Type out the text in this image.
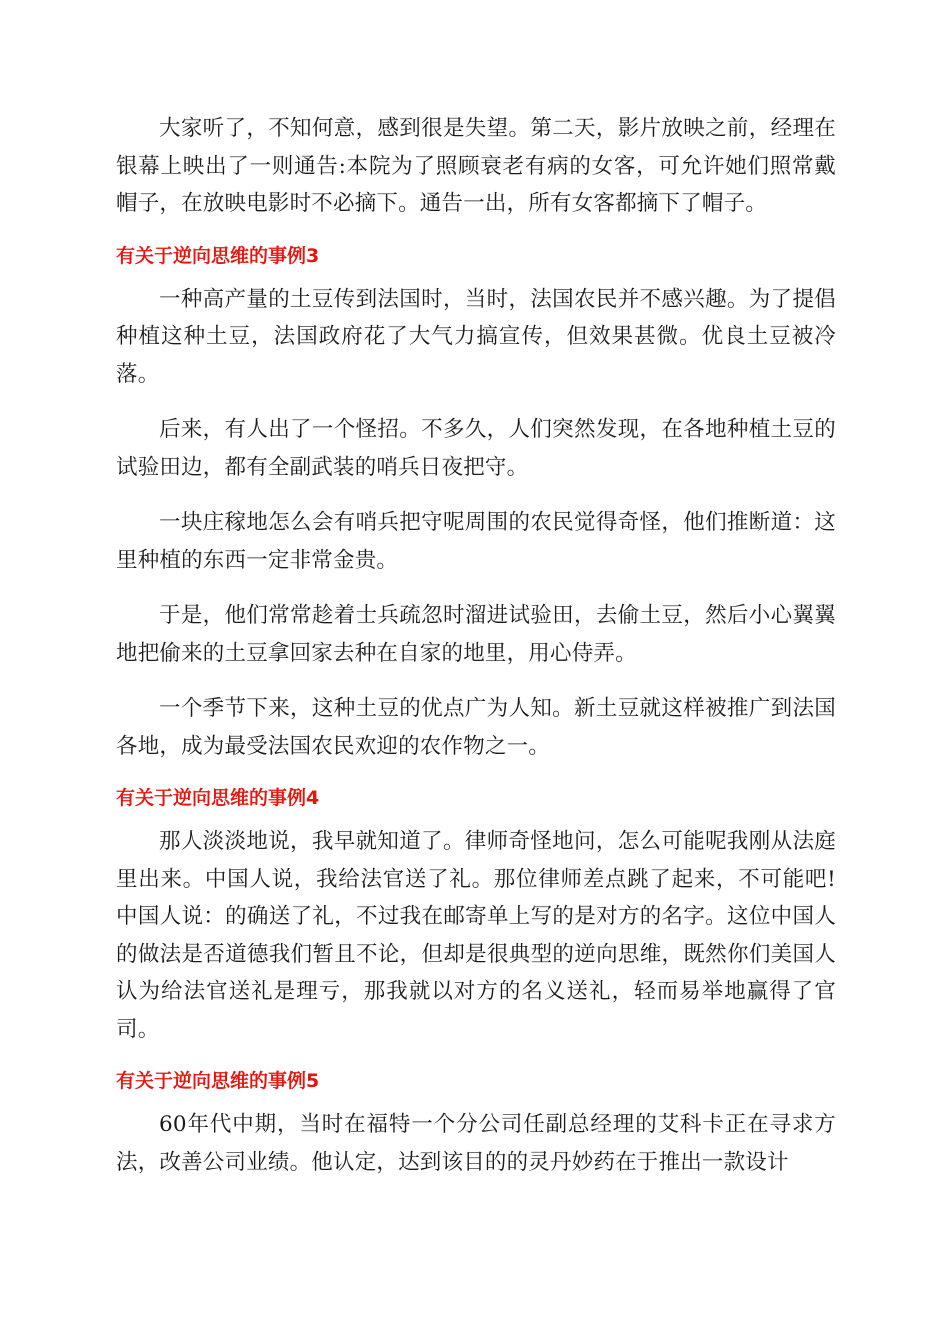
大家听了，不知何意，感到很是失望。第二天，影片放映之前，经理在银幕上映出了一则通告:本院为了照顾衰老有病的女客，可允许她们照常戴帽子，在放映电影时不必摘下。通告一出，所有女客都摘下了帽子。

有关于逆向思维的事例3

一种高产量的土豆传到法国时，当时，法国农民并不感兴趣。为了提倡种植这种土豆，法国政府花了大气力搞宣传，但效果甚微。优良土豆被冷落。

后来，有人出了一个怪招。不多久，人们突然发现，在各地种植土豆的试验田边，都有全副武装的哨兵日夜把守。

一块庄稼地怎么会有哨兵把守呢周围的农民觉得奇怪，他们推断道：这里种植的东西一定非常金贵。

于是，他们常常趁着士兵疏忽时溜进试验田，去偷土豆，然后小心翼翼地把偷来的土豆拿回家去种在自家的地里，用心侍弄。

一个季节下来，这种土豆的优点广为人知。新土豆就这样被推广到法国各地，成为最受法国农民欢迎的农作物之一。

有关于逆向思维的事例4

那人淡淡地说，我早就知道了。律师奇怪地问，怎么可能呢我刚从法庭里出来。中国人说，我给法官送了礼。那位律师差点跳了起来，不可能吧!中国人说：的确送了礼，不过我在邮寄单上写的是对方的名字。这位中国人的做法是否道德我们暂且不论，但却是很典型的逆向思维，既然你们美国人认为给法官送礼是理亏，那我就以对方的名义送礼，轻而易举地赢得了官司。

有关于逆向思维的事例5

60年代中期，当时在福特一个分公司任副总经理的艾科卡正在寻求方法，改善公司业绩。他认定，达到该目的的灵丹妙药在于推出一款设计
